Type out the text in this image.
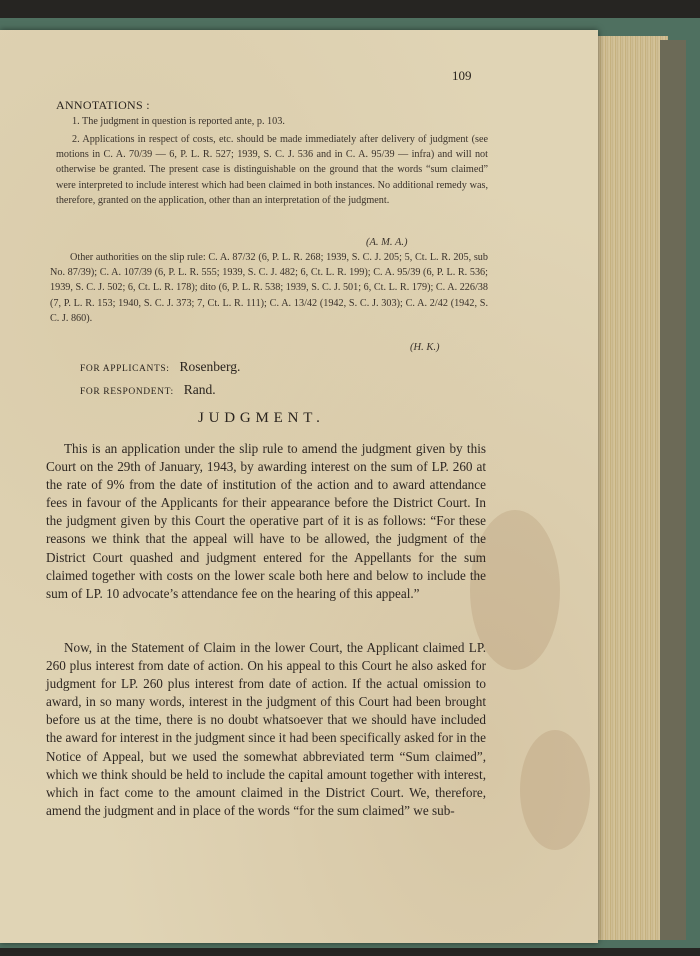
109
ANNOTATIONS :

1. The judgment in question is reported ante, p. 103.

2. Applications in respect of costs, etc. should be made immediately after delivery of judgment (see motions in C. A. 70/39 — 6, P. L. R. 527; 1939, S. C. J. 536 and in C. A. 95/39 — infra) and will not otherwise be granted. The present case is distinguishable on the ground that the words “sum claimed” were interpreted to include interest which had been claimed in both instances. No additional remedy was, therefore, granted on the application, other than an interpretation of the judgment.

(A. M. A.)

Other authorities on the slip rule: C. A. 87/32 (6, P. L. R. 268; 1939, S. C. J. 205; 5, Ct. L. R. 205, sub No. 87/39); C. A. 107/39 (6, P. L. R. 555; 1939, S. C. J. 482; 6, Ct. L. R. 199); C. A. 95/39 (6, P. L. R. 536; 1939, S. C. J. 502; 6, Ct. L. R. 178); dito (6, P. L. R. 538; 1939, S. C. J. 501; 6, Ct. L. R. 179); C. A. 226/38 (7, P. L. R. 153; 1940, S. C. J. 373; 7, Ct. L. R. 111); C. A. 13/42 (1942, S. C. J. 303); C. A. 2/42 (1942, S. C. J. 860).

(H. K.)
FOR APPLICANTS: Rosenberg.
FOR RESPONDENT: Rand.
JUDGMENT.

This is an application under the slip rule to amend the judgment given by this Court on the 29th of January, 1943, by awarding interest on the sum of LP. 260 at the rate of 9% from the date of institution of the action and to award attendance fees in favour of the Applicants for their appearance before the District Court. In the judgment given by this Court the operative part of it is as follows: “For these reasons we think that the appeal will have to be allowed, the judgment of the District Court quashed and judgment entered for the Appellants for the sum claimed together with costs on the lower scale both here and below to include the sum of LP. 10 advocate’s attendance fee on the hearing of this appeal.”

Now, in the Statement of Claim in the lower Court, the Applicant claimed LP. 260 plus interest from date of action. On his appeal to this Court he also asked for judgment for LP. 260 plus interest from date of action. If the actual omission to award, in so many words, interest in the judgment of this Court had been brought before us at the time, there is no doubt whatsoever that we should have included the award for interest in the judgment since it had been specifically asked for in the Notice of Appeal, but we used the somewhat abbreviated term “Sum claimed”, which we think should be held to include the capital amount together with interest, which in fact come to the amount claimed in the District Court. We, therefore, amend the judgment and in place of the words “for the sum claimed” we sub-
